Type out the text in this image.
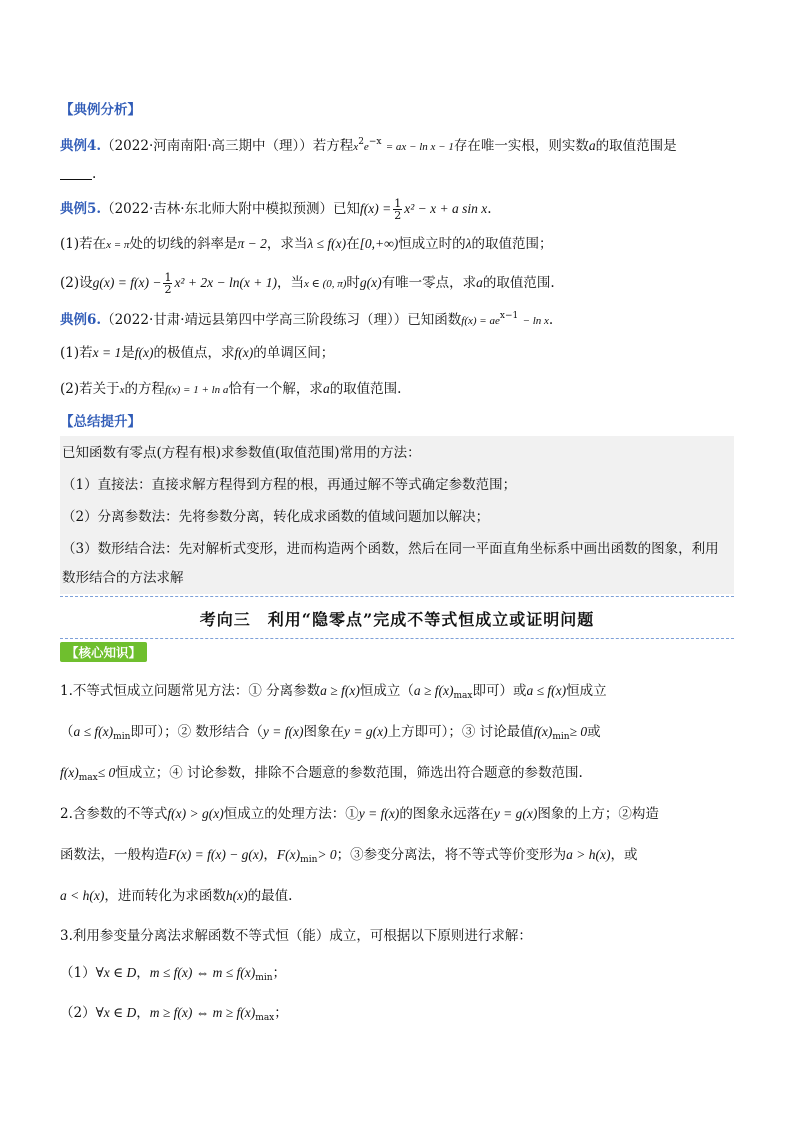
【典例分析】
典例4.（2022·河南南阳·高三期中（理））若方程$x^2e^{-x}$ = ax − ln x − 1存在唯一实根，则实数a的取值范围是
.
典例5.（2022·吉林·东北师大附中模拟预测）已知$f(x) = \frac{1}{2} x^2 - x + a$ sin x.
(1)若在x = π处的切线的斜率是π − 2，求当λ ≤ f(x)在[0,+∞)恒成立时的λ的取值范围；
(2)设$g(x) = f(x) - \frac{1}{2} x^2 + 2x - \ln(x + 1)$，当x ∈ (0, π)时g(x)有唯一零点，求a的取值范围.
典例6.（2022·甘肃·靖远县第四中学高三阶段练习（理））已知函数$f(x) = ae^{x-1} - \ln x$.
(1)若x = 1是f(x)的极值点，求f(x)的单调区间；
(2)若关于x的方程f(x) = 1 + ln a恰有一个解，求a的取值范围.
【总结提升】
已知函数有零点(方程有根)求参数值(取值范围)常用的方法：
（1）直接法：直接求解方程得到方程的根，再通过解不等式确定参数范围；
（2）分离参数法：先将参数分离，转化成求函数的值域问题加以解决；
（3）数形结合法：先对解析式变形，进而构造两个函数，然后在同一平面直角坐标系中画出函数的图象，利用
数形结合的方法求解
考向三　利用“隐零点”完成不等式恒成立或证明问题
【核心知识】
1.不等式恒成立问题常见方法：① 分离参数a ≥ f(x)恒成立（$a \ge f(x)_{max}$即可）或a ≤ f(x)恒成立
（$a \le f(x)_{min}$即可）；② 数形结合（y = f(x)图象在y = g(x)上方即可）；③ 讨论最值$f(x)_{min}\ge 0$或
$f(x)_{max}\le 0$恒成立；④ 讨论参数，排除不合题意的参数范围，筛选出符合题意的参数范围.
2.含参数的不等式f(x) > g(x)恒成立的处理方法：①y = f(x)的图象永远落在y = g(x)图象的上方；②构造
函数法，一般构造F(x) = f(x) − g(x)，$F(x)_{min}> 0$；③参变分离法，将不等式等价变形为a > h(x)，或
a < h(x)，进而转化为求函数h(x)的最值.
3.利用参变量分离法求解函数不等式恒（能）成立，可根据以下原则进行求解：
（1）∀x ∈ D，m ≤ f(x) ⇔ $m \le f(x)_{min}$；
（2）∀x ∈ D，m ≥ f(x) ⇔ $m \ge f(x)_{max}$；
